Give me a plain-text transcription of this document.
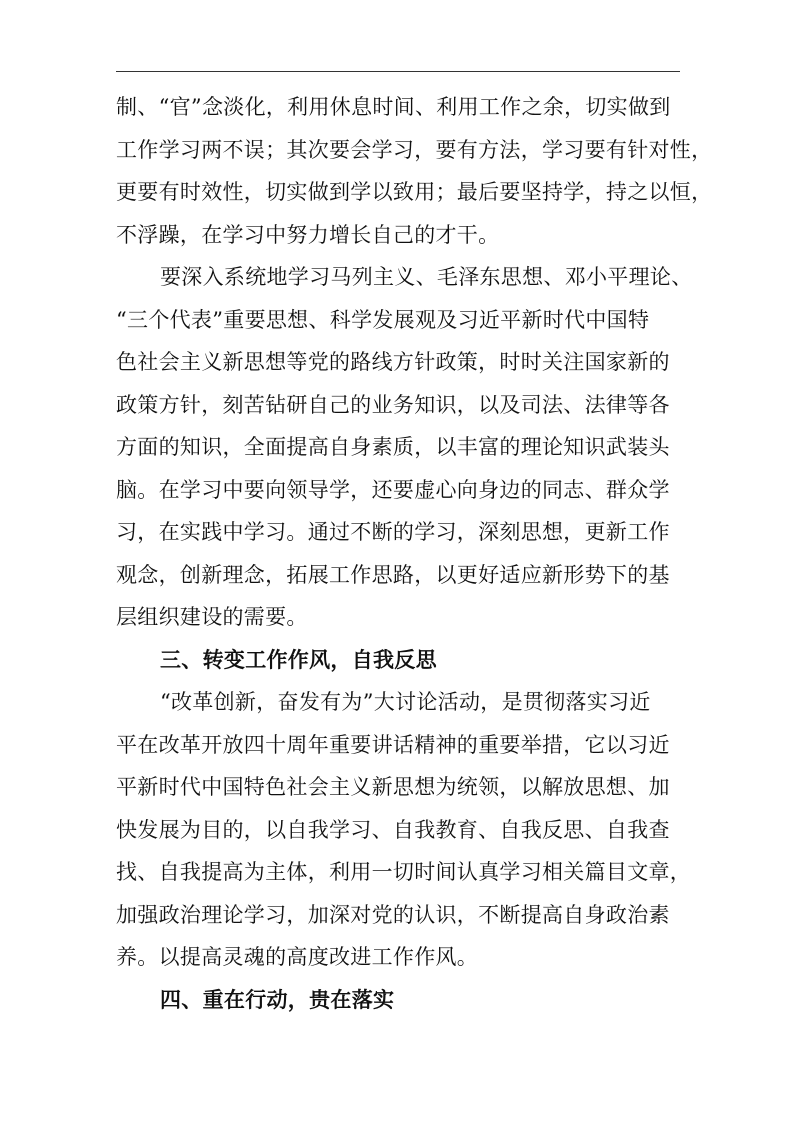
制、“官”念淡化，利用休息时间、利用工作之余，切实做到
工作学习两不误；其次要会学习，要有方法，学习要有针对性，
更要有时效性，切实做到学以致用；最后要坚持学，持之以恒，
不浮躁，在学习中努力增长自己的才干。

要深入系统地学习马列主义、毛泽东思想、邓小平理论、
“三个代表”重要思想、科学发展观及习近平新时代中国特
色社会主义新思想等党的路线方针政策，时时关注国家新的
政策方针，刻苦钻研自己的业务知识，以及司法、法律等各
方面的知识，全面提高自身素质，以丰富的理论知识武装头
脑。在学习中要向领导学，还要虚心向身边的同志、群众学
习，在实践中学习。通过不断的学习，深刻思想，更新工作
观念，创新理念，拓展工作思路，以更好适应新形势下的基
层组织建设的需要。

三、转变工作作风，自我反思

“改革创新，奋发有为”大讨论活动，是贯彻落实习近
平在改革开放四十周年重要讲话精神的重要举措，它以习近
平新时代中国特色社会主义新思想为统领，以解放思想、加
快发展为目的，以自我学习、自我教育、自我反思、自我查
找、自我提高为主体，利用一切时间认真学习相关篇目文章，
加强政治理论学习，加深对党的认识，不断提高自身政治素
养。以提高灵魂的高度改进工作作风。

四、重在行动，贵在落实
